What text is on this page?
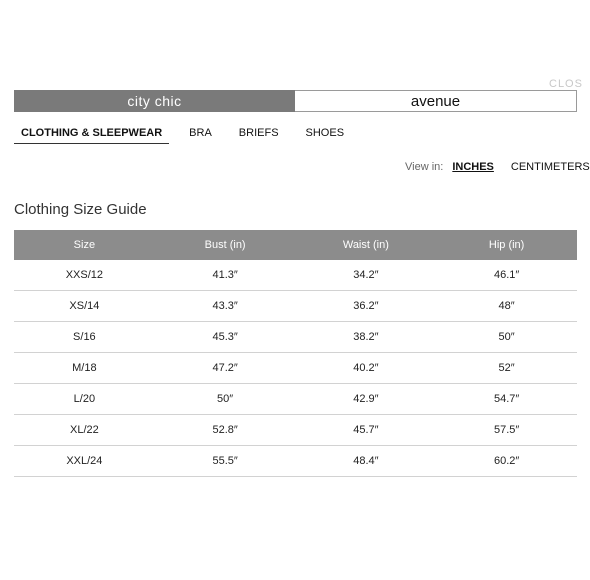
CLOS
city chic	avenue
CLOTHING & SLEEPWEAR	BRA	BRIEFS	SHOES
View in: INCHES CENTIMETERS
Clothing Size Guide
Size	Bust (in)	Waist (in)	Hip (in)
XXS/12	41.3″	34.2″	46.1″
XS/14	43.3″	36.2″	48″
S/16	45.3″	38.2″	50″
M/18	47.2″	40.2″	52″
L/20	50″	42.9″	54.7″
XL/22	52.8″	45.7″	57.5″
XXL/24	55.5″	48.4″	60.2″
